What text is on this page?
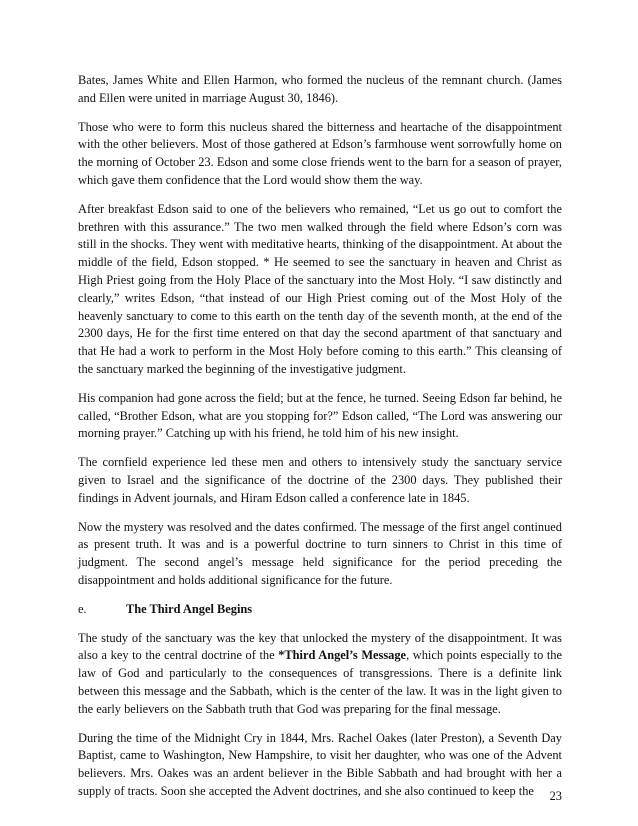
Bates, James White and Ellen Harmon, who formed the nucleus of the remnant church. (James and Ellen were united in marriage August 30, 1846).

Those who were to form this nucleus shared the bitterness and heartache of the disappointment with the other believers. Most of those gathered at Edson’s farmhouse went sorrowfully home on the morning of October 23. Edson and some close friends went to the barn for a season of prayer, which gave them confidence that the Lord would show them the way.

After breakfast Edson said to one of the believers who remained, “Let us go out to comfort the brethren with this assurance.” The two men walked through the field where Edson’s corn was still in the shocks. They went with meditative hearts, thinking of the disappointment. At about the middle of the field, Edson stopped. * He seemed to see the sanctuary in heaven and Christ as High Priest going from the Holy Place of the sanctuary into the Most Holy. “I saw distinctly and clearly,” writes Edson, “that instead of our High Priest coming out of the Most Holy of the heavenly sanctuary to come to this earth on the tenth day of the seventh month, at the end of the 2300 days, He for the first time entered on that day the second apartment of that sanctuary and that He had a work to perform in the Most Holy before coming to this earth.” This cleansing of the sanctuary marked the beginning of the investigative judgment.

His companion had gone across the field; but at the fence, he turned. Seeing Edson far behind, he called, “Brother Edson, what are you stopping for?” Edson called, “The Lord was answering our morning prayer.” Catching up with his friend, he told him of his new insight.

The cornfield experience led these men and others to intensively study the sanctuary service given to Israel and the significance of the doctrine of the 2300 days. They published their findings in Advent journals, and Hiram Edson called a conference late in 1845.

Now the mystery was resolved and the dates confirmed. The message of the first angel continued as present truth. It was and is a powerful doctrine to turn sinners to Christ in this time of judgment. The second angel’s message held significance for the period preceding the disappointment and holds additional significance for the future.

e.	The Third Angel Begins

The study of the sanctuary was the key that unlocked the mystery of the disappointment. It was also a key to the central doctrine of the *Third Angel’s Message, which points especially to the law of God and particularly to the consequences of transgressions. There is a definite link between this message and the Sabbath, which is the center of the law. It was in the light given to the early believers on the Sabbath truth that God was preparing for the final message.

During the time of the Midnight Cry in 1844, Mrs. Rachel Oakes (later Preston), a Seventh Day Baptist, came to Washington, New Hampshire, to visit her daughter, who was one of the Advent believers. Mrs. Oakes was an ardent believer in the Bible Sabbath and had brought with her a supply of tracts. Soon she accepted the Advent doctrines, and she also continued to keep the	23
